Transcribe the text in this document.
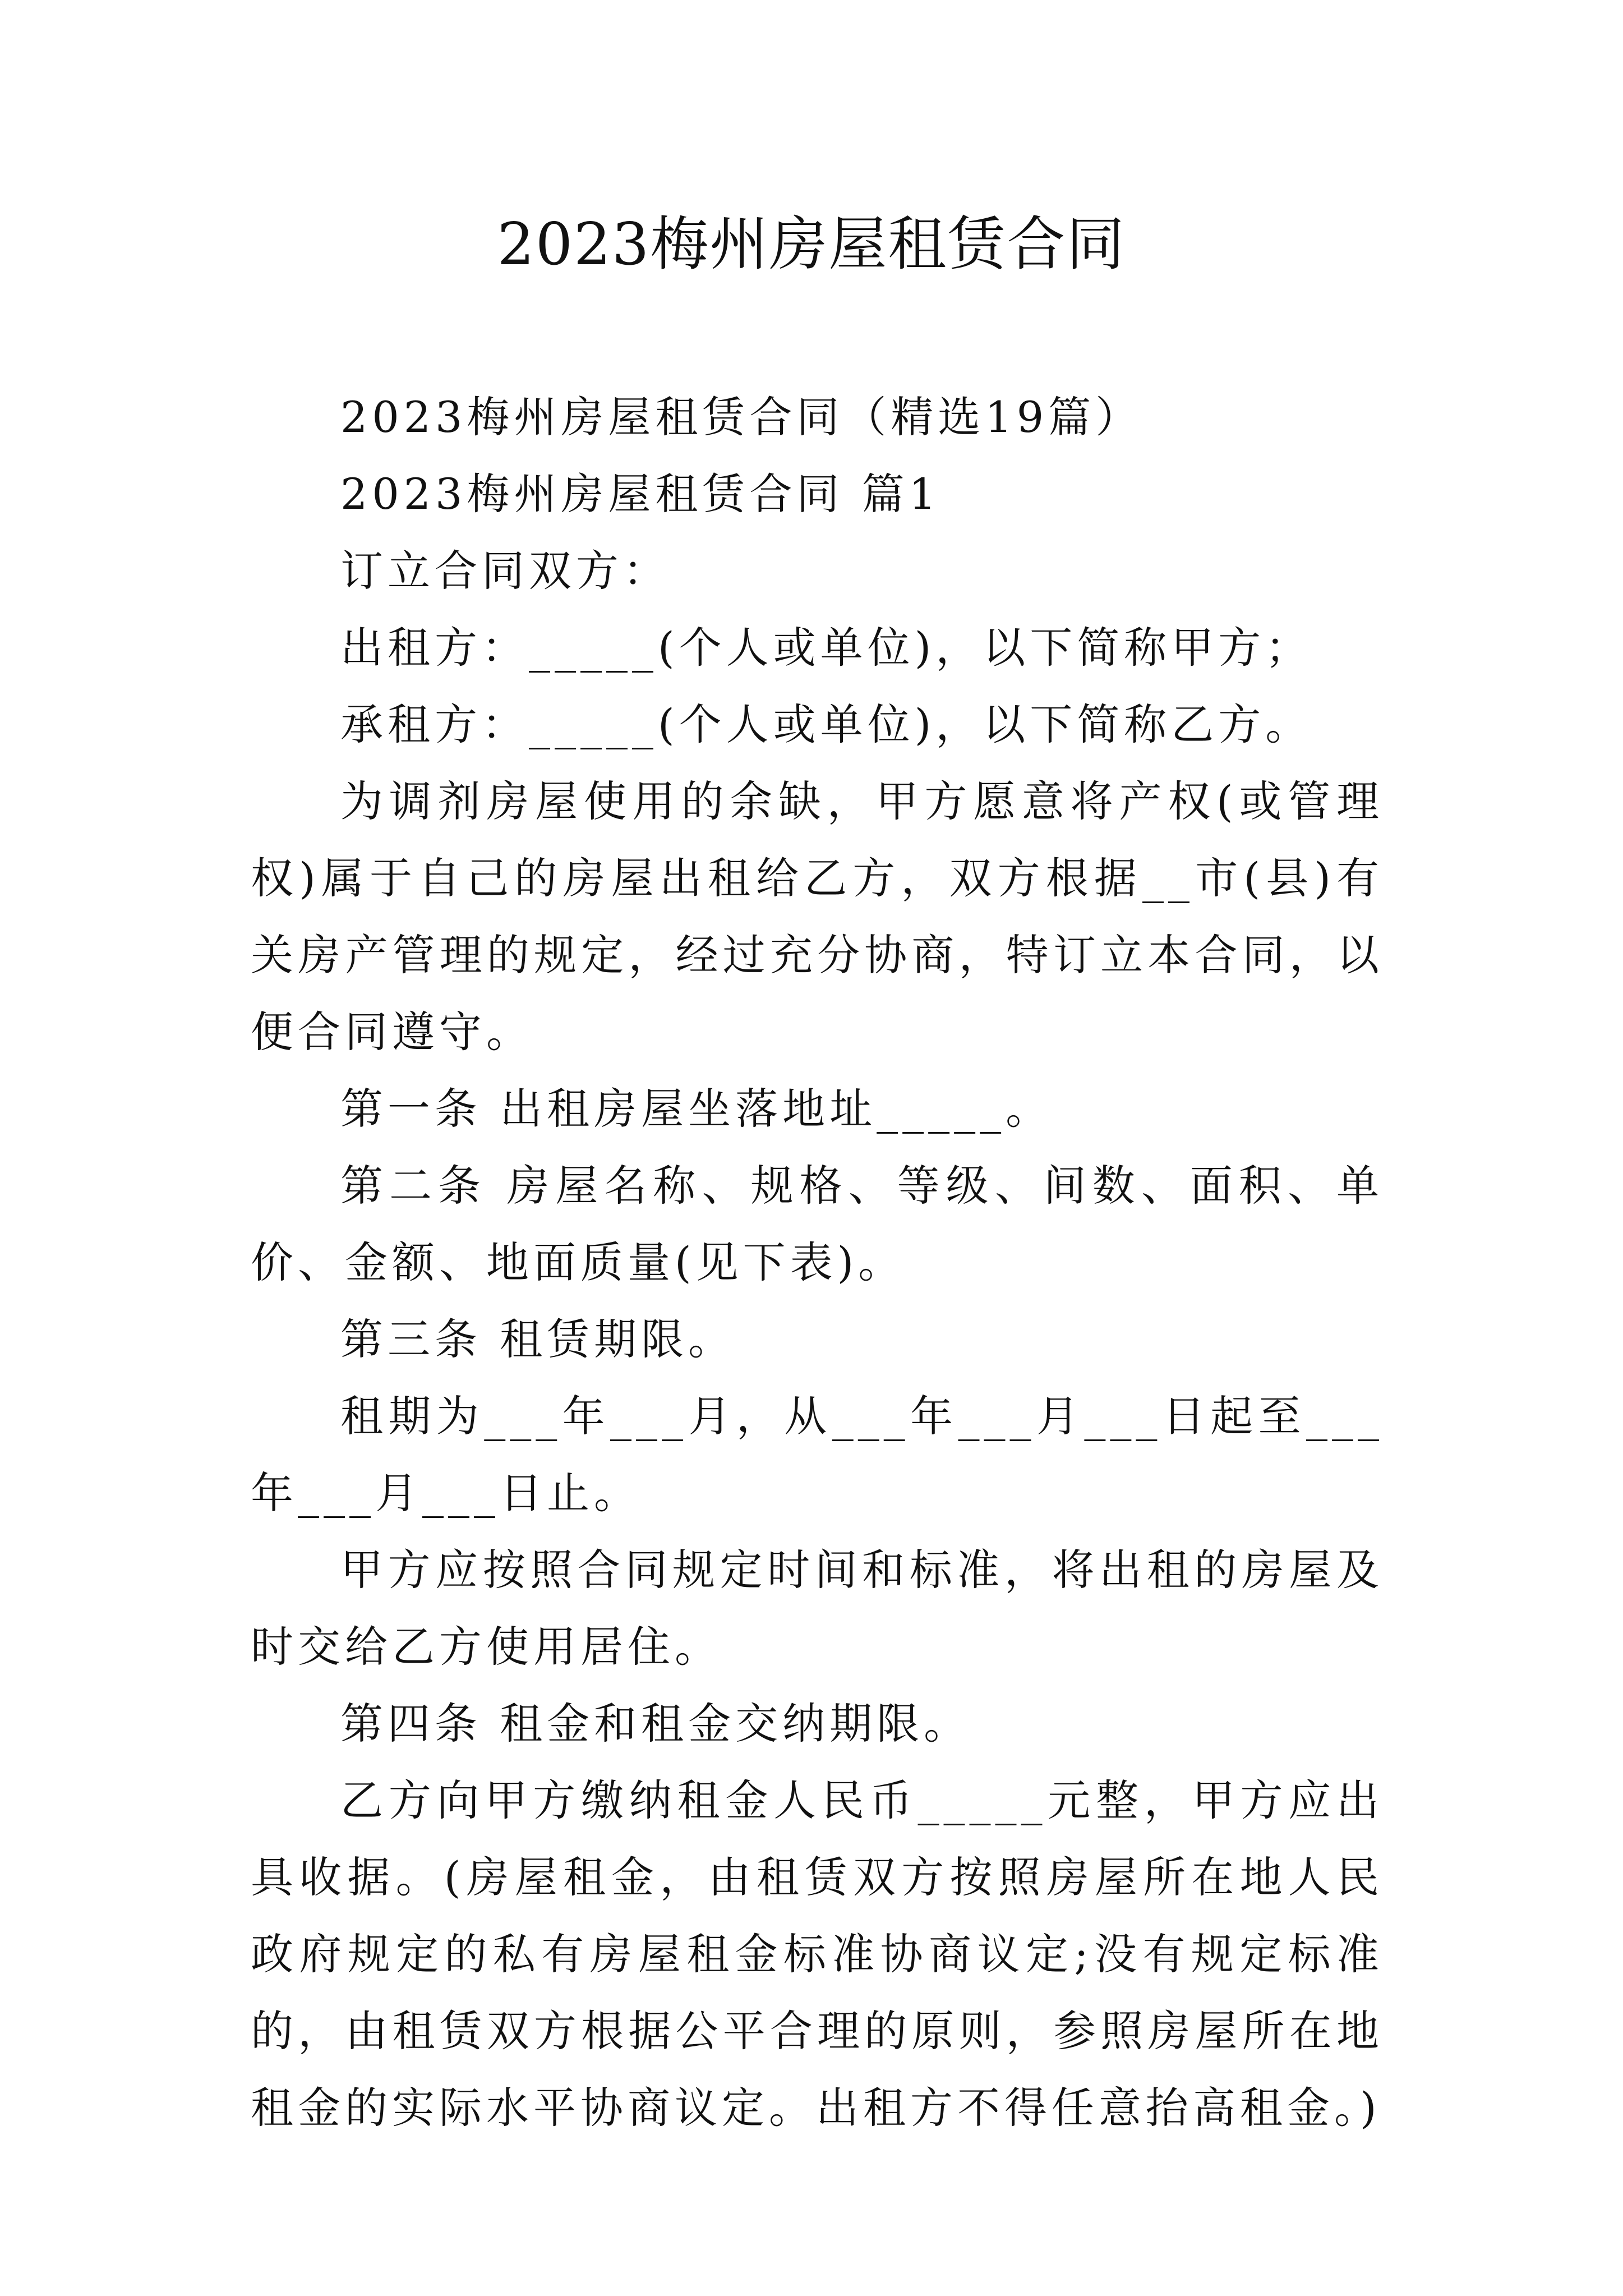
2023梅州房屋租赁合同

2023梅州房屋租赁合同（精选19篇）

2023梅州房屋租赁合同 篇1

订立合同双方：

出租方：_____(个人或单位)，以下简称甲方；

承租方：_____(个人或单位)，以下简称乙方。

为调剂房屋使用的余缺，甲方愿意将产权(或管理权)属于自己的房屋出租给乙方，双方根据__市(县)有关房产管理的规定，经过充分协商，特订立本合同，以便合同遵守。

第一条 出租房屋坐落地址_____。

第二条 房屋名称、规格、等级、间数、面积、单价、金额、地面质量(见下表)。

第三条 租赁期限。

租期为___年___月，从___年___月___日起至___年___月___日止。

甲方应按照合同规定时间和标准，将出租的房屋及时交给乙方使用居住。

第四条 租金和租金交纳期限。

乙方向甲方缴纳租金人民币_____元整，甲方应出具收据。(房屋租金，由租赁双方按照房屋所在地人民政府规定的私有房屋租金标准协商议定;没有规定标准的，由租赁双方根据公平合理的原则，参照房屋所在地租金的实际水平协商议定。出租方不得任意抬高租金。)
